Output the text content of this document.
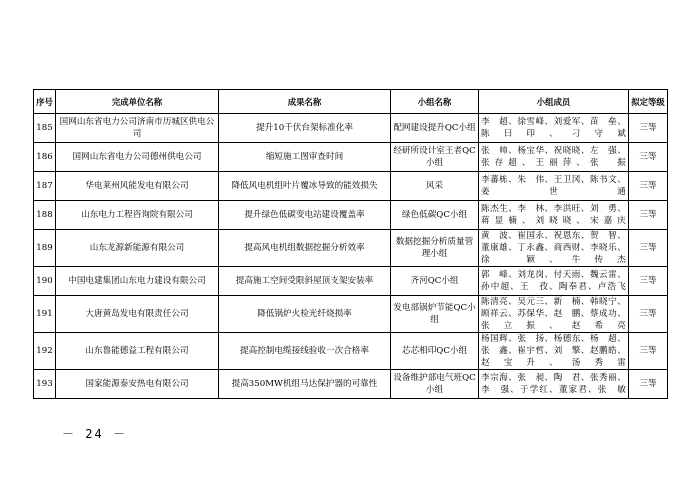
序号	完成单位名称	成果名称	小组名称	小组成员	拟定等级
185	国网山东省电力公司济南市历城区供电公司	提升10千伏台架标准化率	配网建设提升QC小组	李　超、徐雪峰、刘爱军、苗　垒、陈曰印、刁守斌	三等
186	国网山东省电力公司德州供电公司	缩短施工图审查时间	经研所设计室王者QC小组	张　帅、杨宝华、祝晓晓、左　强、张存超、王丽萍、张　振	三等
187	华电莱州风能发电有限公司	降低风电机组叶片覆冰导致的能效损失	风采	李蕃栋、朱　伟、王卫冈、陈书文、姜世通	三等
188	山东电力工程咨询院有限公司	提升绿色低碳变电站建设覆盖率	绿色低碳QC小组	陈杰生、李　林、李洪旺、刘　勇、蒋显楠、刘晓晓、宋嘉庆	三等
189	山东龙源新能源有限公司	提高风电机组数据挖掘分析效率	数据挖掘分析质量管理小组	黄　波、崔国永、祝恩东、贺　智、董康雄、丁永鑫、商西财、李晓乐、徐　颖、牛传杰	三等
190	中国电建集团山东电力建设有限公司	提高施工空间受限斜屋顶支架安装率	齐河QC小组	郭　峰、刘龙岗、付天雨、魏云雷、孙中超、王　孜、陶奉君、卢浩飞	三等
191	大唐黄岛发电有限责任公司	降低锅炉火检光纤烧损率	发电部锅炉节能QC小组	陈清亮、吴元三、新　楠、韩晓宁、顾祥云、苏保华、赵　鹏、蔡成功、张立振、赵希亮	三等
192	山东鲁能德益工程有限公司	提高控制电缆接线验收一次合格率	芯芯相印QC小组	杨国辉、张　扬、杨德东、杨　超、张　鑫、崔宇哲、刘　擎、赵鹏皓、赵宝升、汤秀雷	三等
193	国家能源泰安热电有限公司	提高350MW机组马达保护器的可靠性	设备维护部电气班QC小组	李宗海、张　昶、陶　君、张秀丽、李　强、于学红、董家君、张　敏	三等
－ 24 －
